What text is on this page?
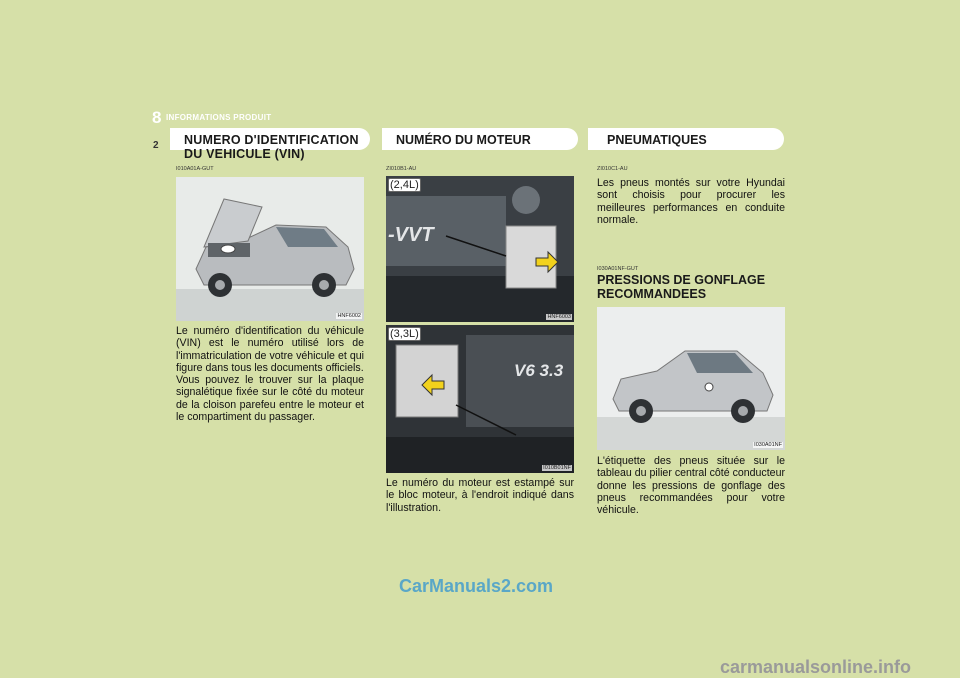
8 INFORMATIONS PRODUIT
2 NUMERO D'IDENTIFICATION DU VEHICULE (VIN)
I010A01A-GUT
HNF6002
Le numéro d'identification du véhicule (VIN) est le numéro utilisé lors de l'immatriculation de votre véhicule et qui figure dans tous les documents officiels.
Vous pouvez le trouver sur la plaque signalétique fixée sur le côté du moteur de la cloison parefeu entre le moteur et le compartiment du passager.
NUMÉRO DU MOTEUR
ZI010B1-AU
(2,4L)
-VVT
HNF6003
(3,3L)
V6 3.3
I010B01NF
Le numéro du moteur est estampé sur le bloc moteur, à l'endroit indiqué dans l'illustration.
PNEUMATIQUES
ZI010C1-AU
Les pneus montés sur votre Hyundai sont choisis pour procurer les meilleures performances en conduite normale.
I030A01NF-GUT
PRESSIONS DE GONFLAGE RECOMMANDEES
I030A01NF
L'étiquette des pneus située sur le tableau du pilier central côté conducteur donne les pressions de gonflage des pneus recommandées pour votre véhicule.
CarManuals2.com
carmanualsonline.info
